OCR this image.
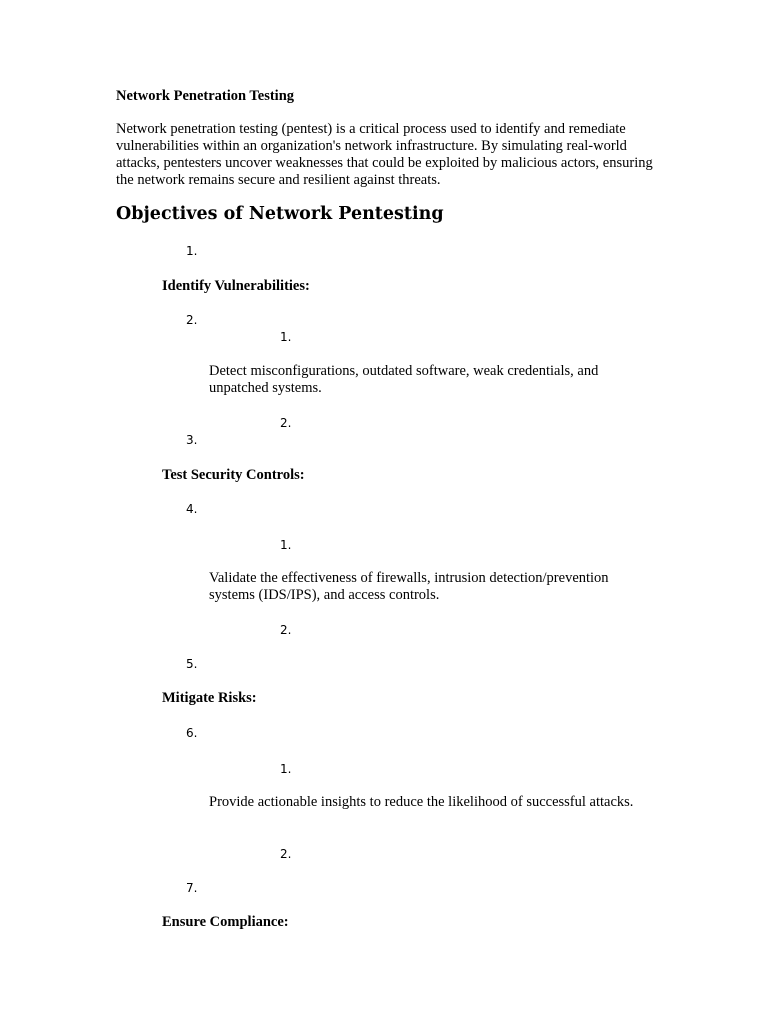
Network Penetration Testing
Network penetration testing (pentest) is a critical process used to identify and remediate vulnerabilities within an organization's network infrastructure. By simulating real-world attacks, pentesters uncover weaknesses that could be exploited by malicious actors, ensuring the network remains secure and resilient against threats.
Objectives of Network Pentesting
1.
Identify Vulnerabilities:
2.
1.
Detect misconfigurations, outdated software, weak credentials, and unpatched systems.
2.
3.
Test Security Controls:
4.
1.
Validate the effectiveness of firewalls, intrusion detection/prevention systems (IDS/IPS), and access controls.
2.
5.
Mitigate Risks:
6.
1.
Provide actionable insights to reduce the likelihood of successful attacks.
2.
7.
Ensure Compliance:
